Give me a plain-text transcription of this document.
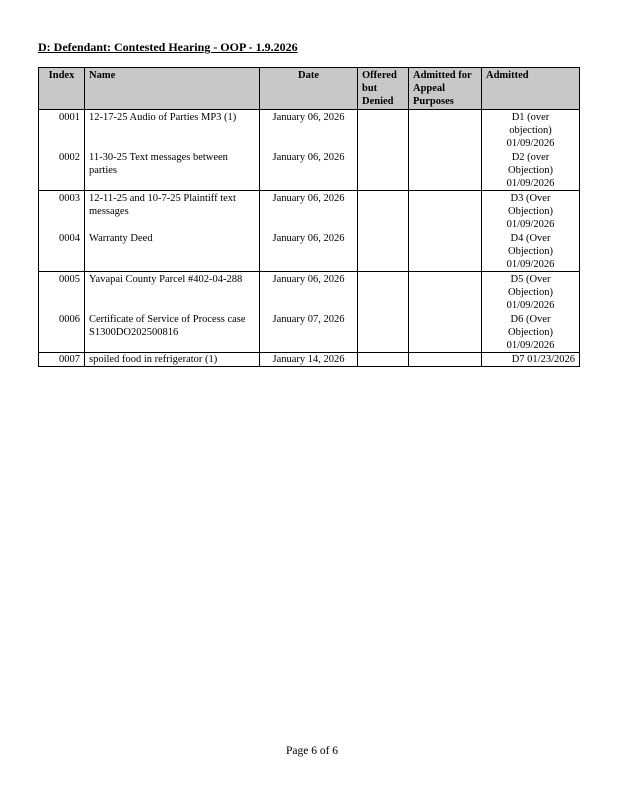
D: Defendant: Contested Hearing - OOP - 1.9.2026
Index	Name	Date	Offered but Denied	Admitted for Appeal Purposes	Admitted
0001	12-17-25 Audio of Parties MP3 (1)	January 06, 2026			D1 (over
objection)
01/09/2026

0002	11-30-25 Text messages between parties	January 06, 2026			D2 (over
Objection)
01/09/2026

0003	12-11-25 and 10-7-25 Plaintiff text messages	January 06, 2026			D3 (Over
Objection)
01/09/2026

0004	Warranty Deed	January 06, 2026			D4 (Over
Objection)
01/09/2026

0005	Yavapai County Parcel #402-04-288	January 06, 2026			D5 (Over
Objection)
01/09/2026

0006	Certificate of Service of Process case S1300DO202500816	January 07, 2026			D6 (Over
Objection)
01/09/2026

0007	spoiled food in refrigerator (1)	January 14, 2026			D7 01/23/2026
Page 6 of 6
